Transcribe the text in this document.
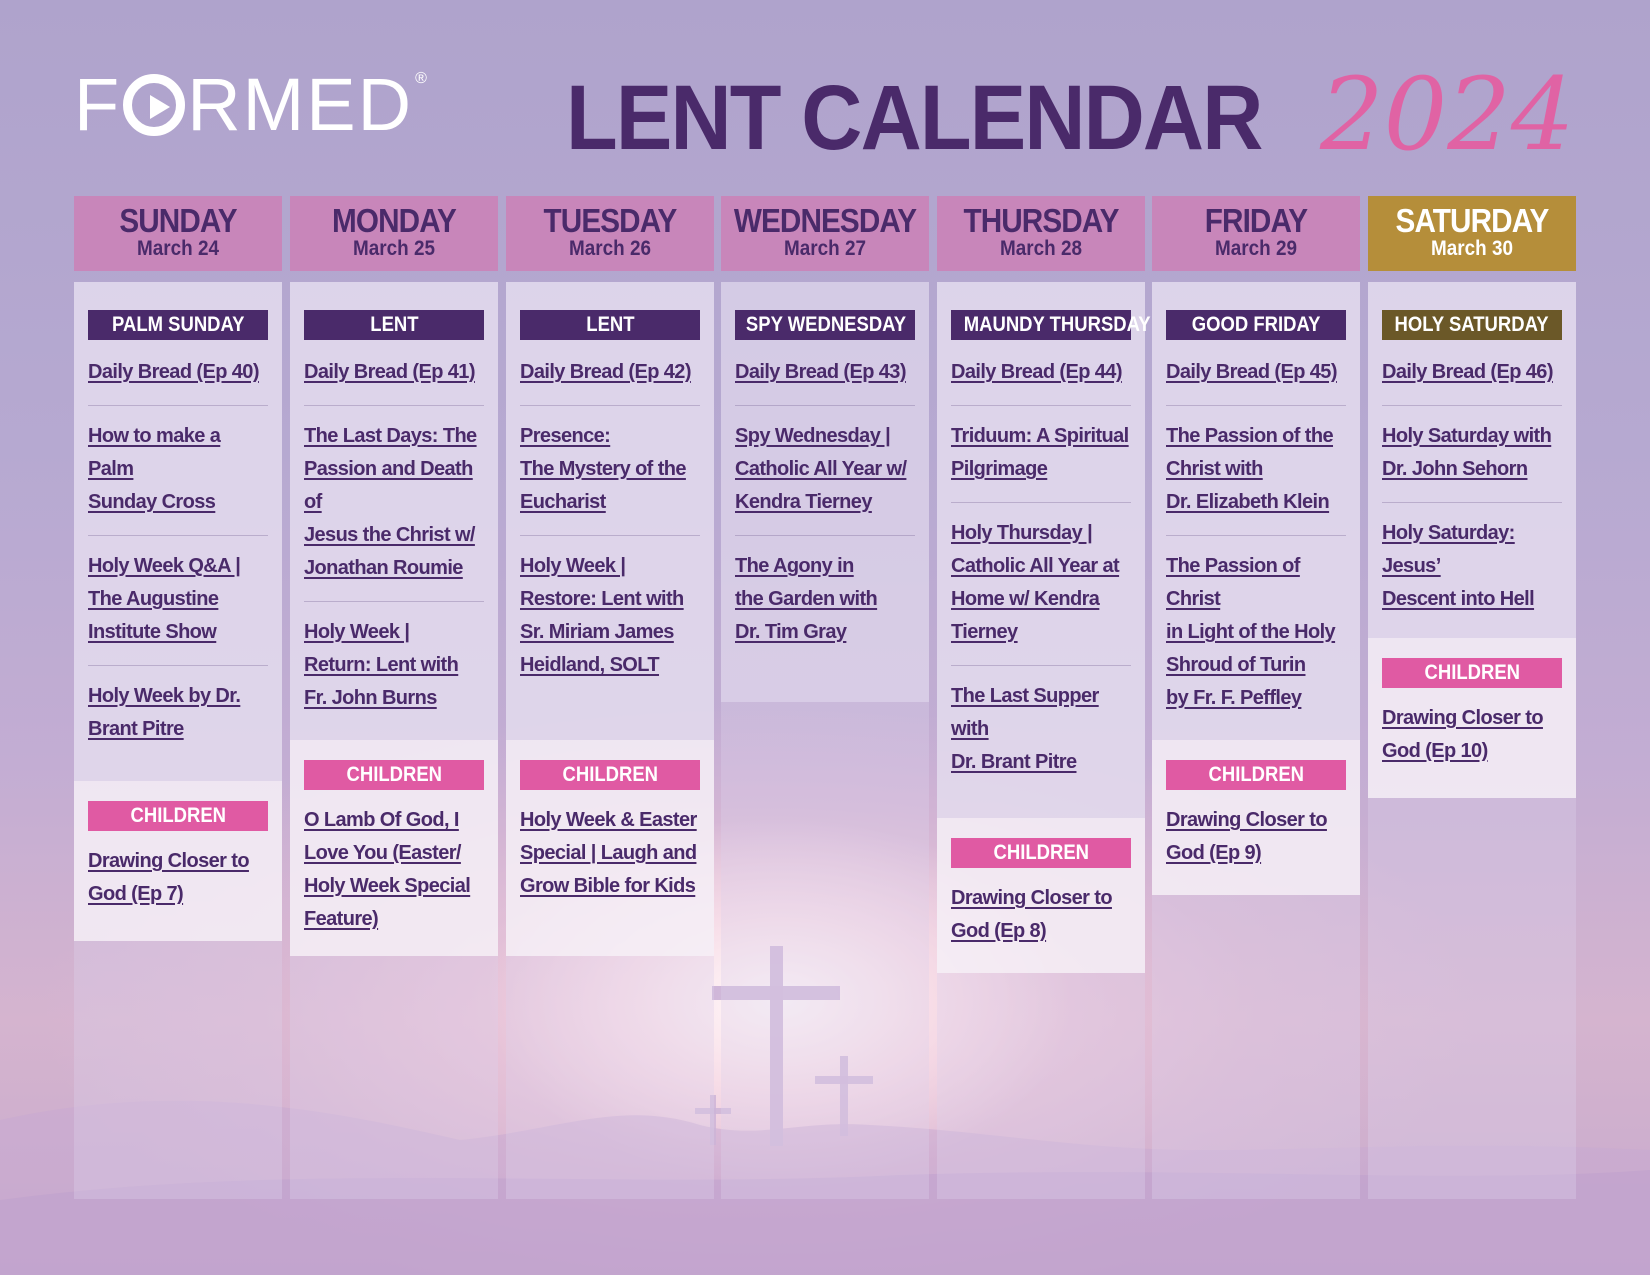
F RMED ® LENT CALENDAR 2024
SUNDAY
March 24
PALM SUNDAY
Daily Bread (Ep 40)
How to make a Palm
Sunday Cross
Holy Week Q&A |
The Augustine
Institute Show
Holy Week by Dr.
Brant Pitre
CHILDREN
Drawing Closer to
God (Ep 7)
MONDAY
March 25
LENT
Daily Bread (Ep 41)
The Last Days: The
Passion and Death of
Jesus the Christ w/
Jonathan Roumie
Holy Week |
Return: Lent with
Fr. John Burns
CHILDREN
O Lamb Of God, I
Love You (Easter/
Holy Week Special
Feature)
TUESDAY
March 26
LENT
Daily Bread (Ep 42)
Presence:
The Mystery of the
Eucharist
Holy Week |
Restore: Lent with
Sr. Miriam James
Heidland, SOLT
CHILDREN
Holy Week & Easter
Special | Laugh and
Grow Bible for Kids
WEDNESDAY
March 27
SPY WEDNESDAY
Daily Bread (Ep 43)
Spy Wednesday |
Catholic All Year w/
Kendra Tierney
The Agony in
the Garden with
Dr. Tim Gray
THURSDAY
March 28
MAUNDY THURSDAY
Daily Bread (Ep 44)
Triduum: A Spiritual
Pilgrimage
Holy Thursday |
Catholic All Year at
Home w/ Kendra
Tierney
The Last Supper with
Dr. Brant Pitre
CHILDREN
Drawing Closer to
God (Ep 8)
FRIDAY
March 29
GOOD FRIDAY
Daily Bread (Ep 45)
The Passion of the
Christ with
Dr. Elizabeth Klein
The Passion of Christ
in Light of the Holy
Shroud of Turin
by Fr. F. Peffley
CHILDREN
Drawing Closer to
God (Ep 9)
SATURDAY
March 30
HOLY SATURDAY
Daily Bread (Ep 46)
Holy Saturday with
Dr. John Sehorn
Holy Saturday: Jesus’
Descent into Hell
CHILDREN
Drawing Closer to
God (Ep 10)
